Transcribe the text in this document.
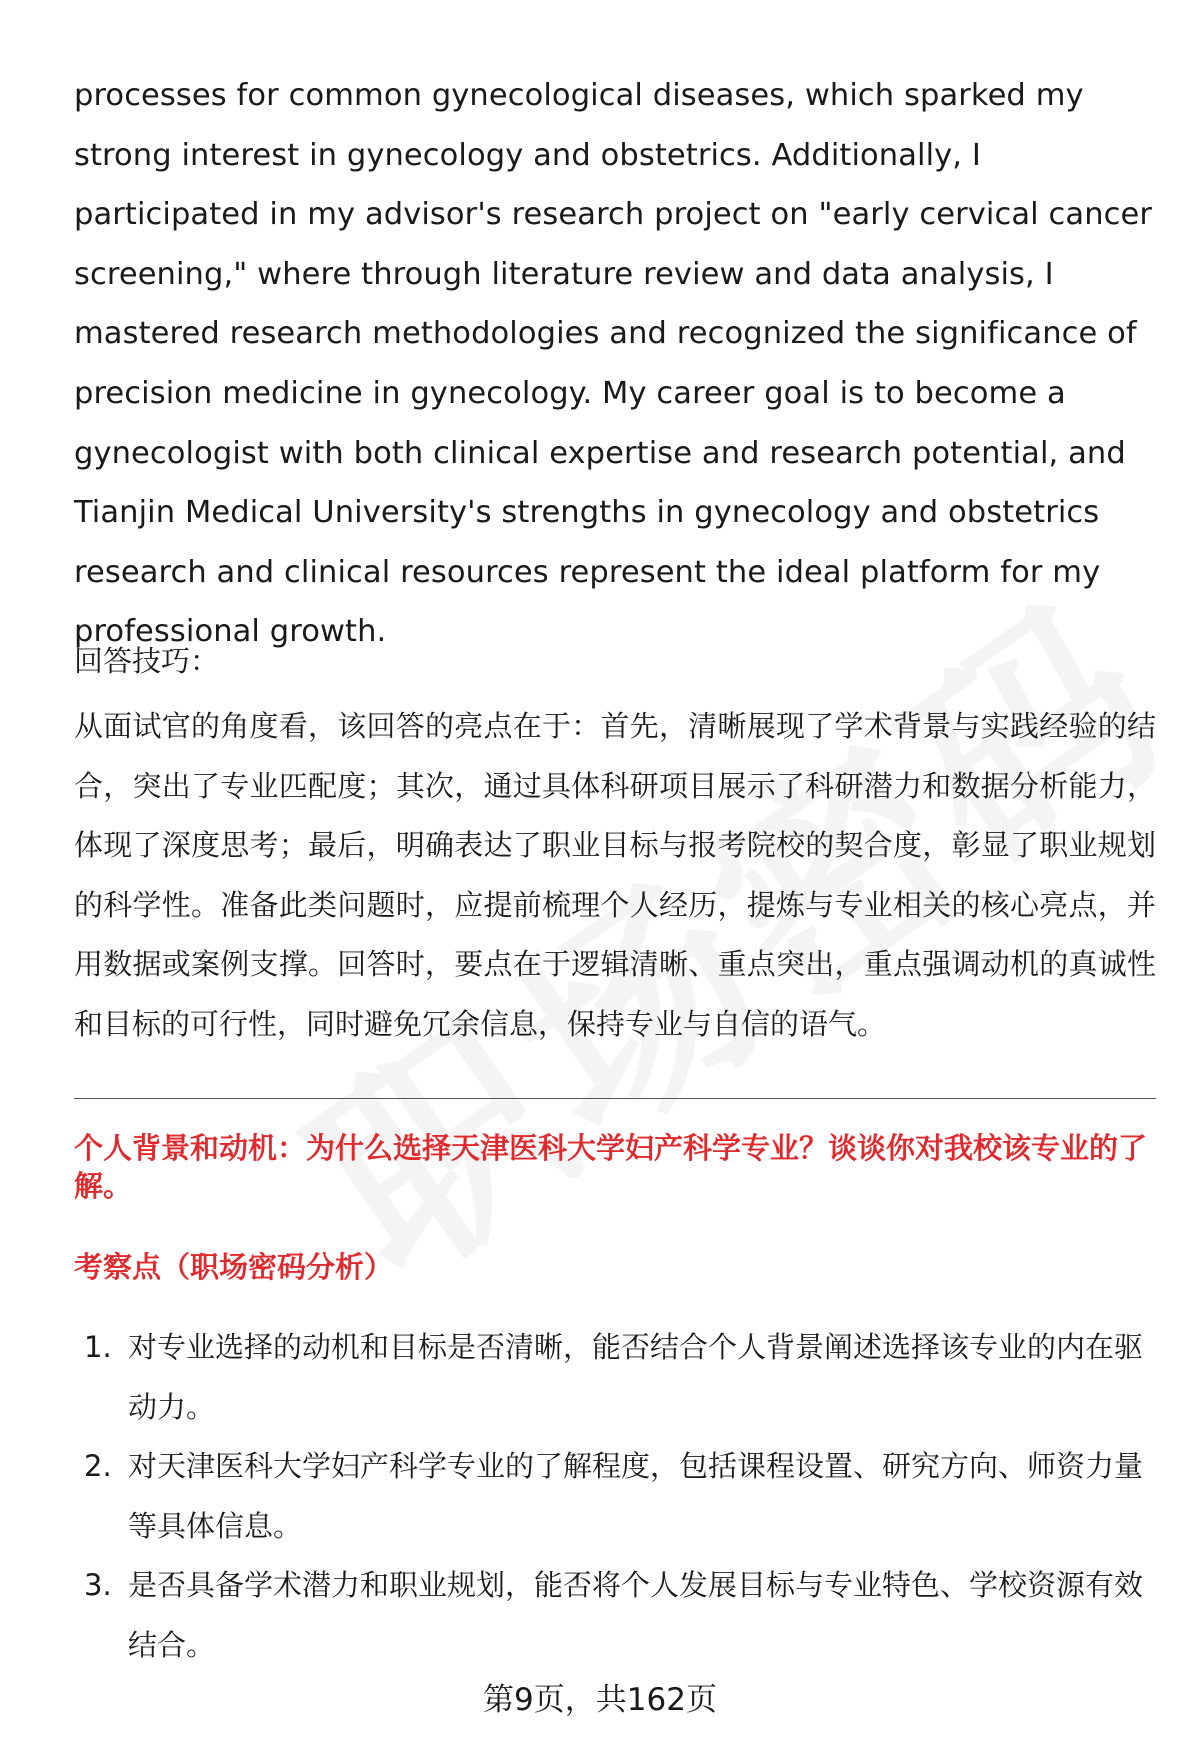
processes for common gynecological diseases, which sparked my strong interest in gynecology and obstetrics. Additionally, I participated in my advisor's research project on "early cervical cancer screening," where through literature review and data analysis, I mastered research methodologies and recognized the significance of precision medicine in gynecology. My career goal is to become a gynecologist with both clinical expertise and research potential, and Tianjin Medical University's strengths in gynecology and obstetrics research and clinical resources represent the ideal platform for my professional growth.

回答技巧：

从面试官的角度看，该回答的亮点在于：首先，清晰展现了学术背景与实践经验的结合，突出了专业匹配度；其次，通过具体科研项目展示了科研潜力和数据分析能力，体现了深度思考；最后，明确表达了职业目标与报考院校的契合度，彰显了职业规划的科学性。准备此类问题时，应提前梳理个人经历，提炼与专业相关的核心亮点，并用数据或案例支撑。回答时，要点在于逻辑清晰、重点突出，重点强调动机的真诚性和目标的可行性，同时避免冗余信息，保持专业与自信的语气。

个人背景和动机：为什么选择天津医科大学妇产科学专业？谈谈你对我校该专业的了解。

考察点（职场密码分析）

1. 对专业选择的动机和目标是否清晰，能否结合个人背景阐述选择该专业的内在驱动力。
2. 对天津医科大学妇产科学专业的了解程度，包括课程设置、研究方向、师资力量等具体信息。
3. 是否具备学术潜力和职业规划，能否将个人发展目标与专业特色、学校资源有效结合。
第9页，共162页
